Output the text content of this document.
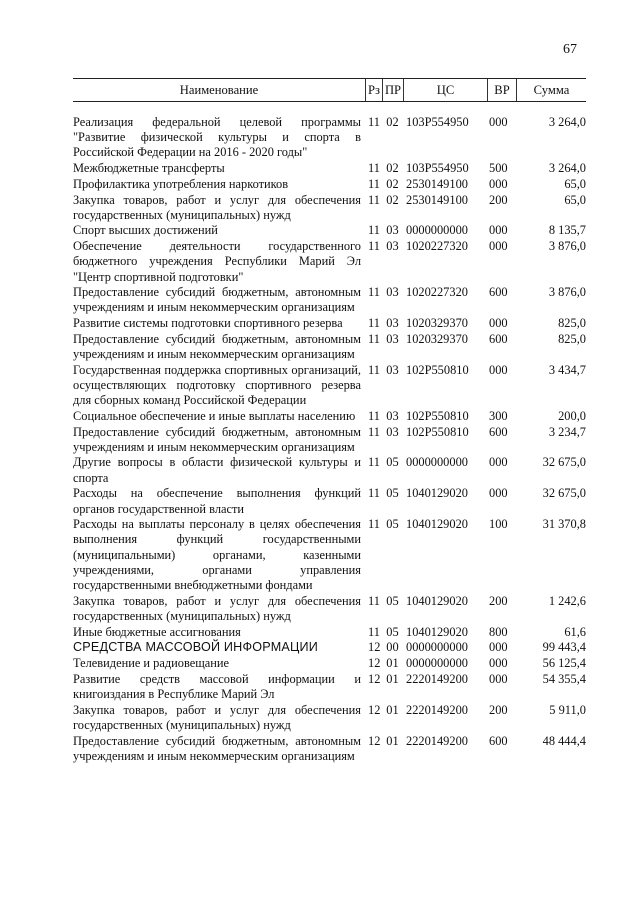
67
Наименование	Рз ПР	ЦС	ВР	Сумма
Реализация федеральной целевой программы "Развитие физической культуры и спорта в Российской Федерации на 2016 - 2020 годы"
11 02 103P554950	000	3 264,0
Межбюджетные трансферты	11 02 103P554950	500	3 264,0
Профилактика употребления наркотиков	11 02 2530149100	000	65,0
Закупка товаров, работ и услуг для обеспечения государственных (муниципальных) нужд
11 02 2530149100	200	65,0
Спорт высших достижений	11 03 0000000000	000	8 135,7
Обеспечение деятельности государственного бюджетного учреждения Республики Марий Эл "Центр спортивной подготовки"
11 03 1020227320	000	3 876,0
Предоставление субсидий бюджетным, автономным учреждениям и иным некоммерческим организациям
11 03 1020227320	600	3 876,0
Развитие системы подготовки спортивного резерва	11 03 1020329370	000	825,0
Предоставление субсидий бюджетным, автономным учреждениям и иным некоммерческим организациям
11 03 1020329370	600	825,0
Государственная поддержка спортивных организаций, осуществляющих подготовку спортивного резерва для сборных команд Российской Федерации
11 03 102P550810	000	3 434,7
Социальное обеспечение и иные выплаты населению	11 03 102P550810	300	200,0
Предоставление субсидий бюджетным, автономным учреждениям и иным некоммерческим организациям
11 03 102P550810	600	3 234,7
Другие вопросы в области физической культуры и спорта
11 05 0000000000	000	32 675,0
Расходы на обеспечение выполнения функций органов государственной власти
11 05 1040129020	000	32 675,0
Расходы на выплаты персоналу в целях обеспечения выполнения функций государственными (муниципальными) органами, казенными учреждениями, органами управления государственными внебюджетными фондами
11 05 1040129020	100	31 370,8
Закупка товаров, работ и услуг для обеспечения государственных (муниципальных) нужд
11 05 1040129020	200	1 242,6
Иные бюджетные ассигнования	11 05 1040129020	800	61,6
СРЕДСТВА МАССОВОЙ ИНФОРМАЦИИ	12 00 0000000000	000	99 443,4
Телевидение и радиовещание	12 01 0000000000	000	56 125,4
Развитие средств массовой информации и книгоиздания в Республике Марий Эл
12 01 2220149200	000	54 355,4
Закупка товаров, работ и услуг для обеспечения государственных (муниципальных) нужд
12 01 2220149200	200	5 911,0
Предоставление субсидий бюджетным, автономным учреждениям и иным некоммерческим организациям
12 01 2220149200	600	48 444,4
